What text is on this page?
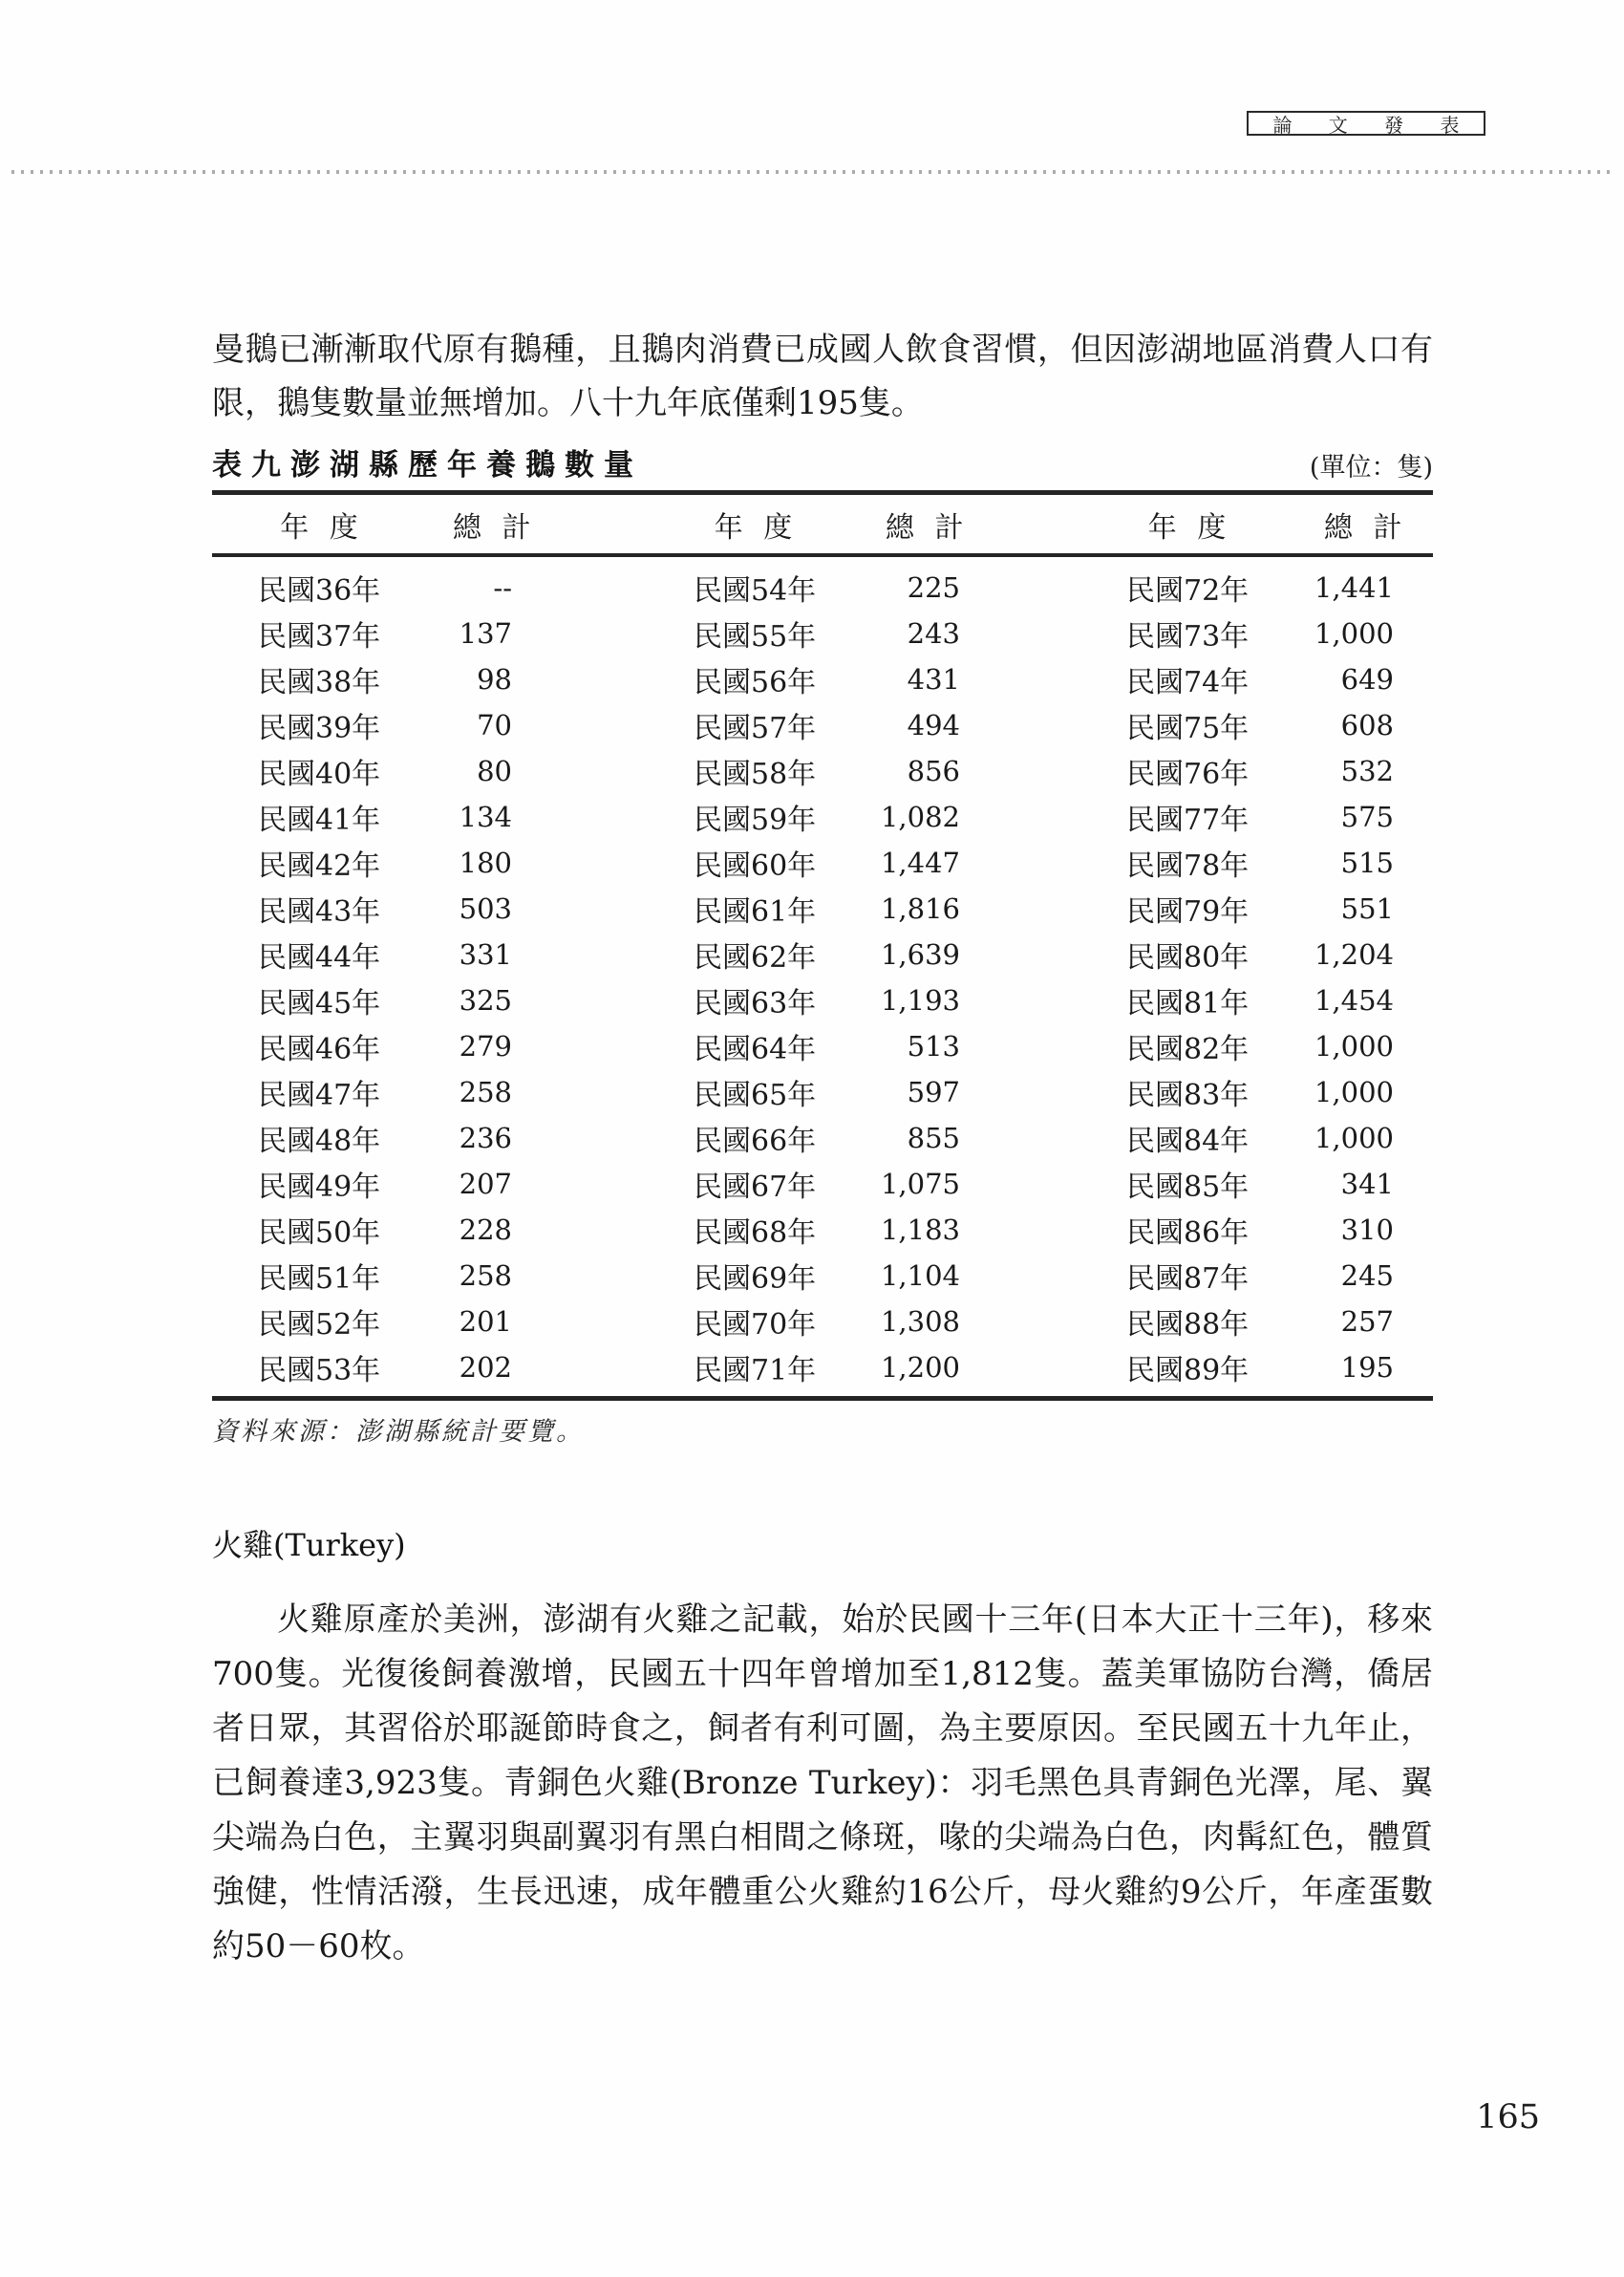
論 文 發 表

曼鵝已漸漸取代原有鵝種，且鵝肉消費已成國人飲食習慣，但因澎湖地區消費人口有限，鵝隻數量並無增加。八十九年底僅剩195隻。

表九澎湖縣歷年養鵝數量	(單位：隻)
年 度	總 計	年 度	總 計	年 度	總 計
民國36年	--	民國54年	225	民國72年	1,441
民國37年	137	民國55年	243	民國73年	1,000
民國38年	98	民國56年	431	民國74年	649
民國39年	70	民國57年	494	民國75年	608
民國40年	80	民國58年	856	民國76年	532
民國41年	134	民國59年	1,082	民國77年	575
民國42年	180	民國60年	1,447	民國78年	515
民國43年	503	民國61年	1,816	民國79年	551
民國44年	331	民國62年	1,639	民國80年	1,204
民國45年	325	民國63年	1,193	民國81年	1,454
民國46年	279	民國64年	513	民國82年	1,000
民國47年	258	民國65年	597	民國83年	1,000
民國48年	236	民國66年	855	民國84年	1,000
民國49年	207	民國67年	1,075	民國85年	341
民國50年	228	民國68年	1,183	民國86年	310
民國51年	258	民國69年	1,104	民國87年	245
民國52年	201	民國70年	1,308	民國88年	257
民國53年	202	民國71年	1,200	民國89年	195
資料來源：澎湖縣統計要覽。
火雞(Turkey)

火雞原產於美洲，澎湖有火雞之記載，始於民國十三年(日本大正十三年)，移來700隻。光復後飼養激增，民國五十四年曾增加至1,812隻。蓋美軍協防台灣，僑居者日眾，其習俗於耶誕節時食之，飼者有利可圖，為主要原因。至民國五十九年止，已飼養達3,923隻。青銅色火雞(Bronze Turkey)：羽毛黑色具青銅色光澤，尾、翼尖端為白色，主翼羽與副翼羽有黑白相間之條斑，喙的尖端為白色，肉髯紅色，體質強健，性情活潑，生長迅速，成年體重公火雞約16公斤，母火雞約9公斤，年產蛋數約50－60枚。

165
